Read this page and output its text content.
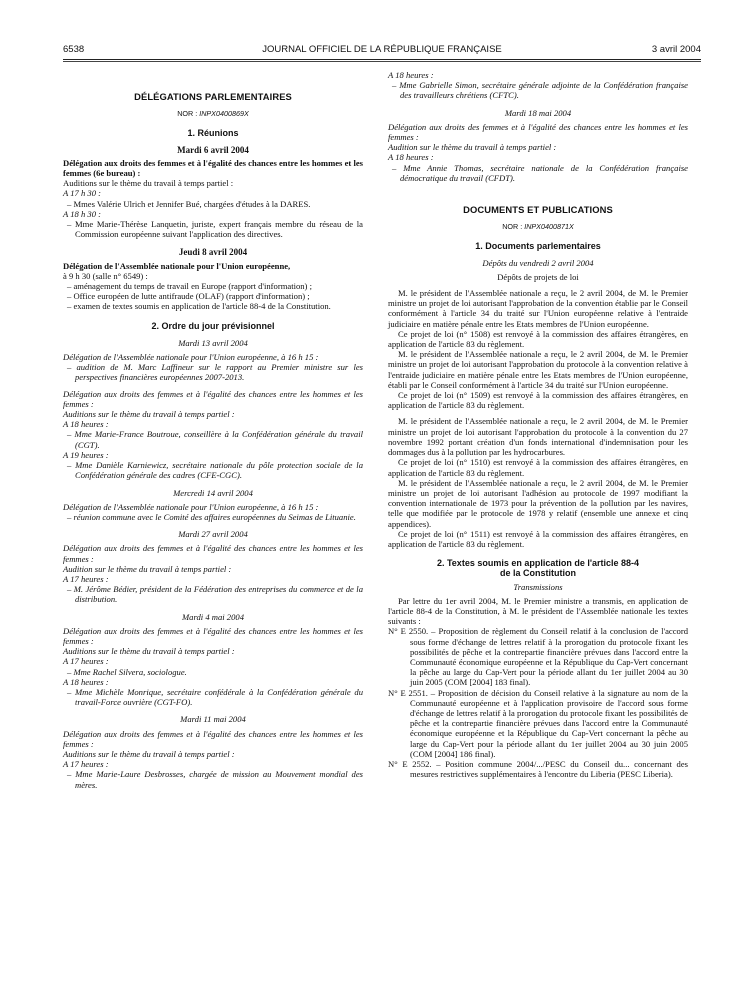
6538	JOURNAL OFFICIEL DE LA RÉPUBLIQUE FRANÇAISE	3 avril 2004
DÉLÉGATIONS PARLEMENTAIRES
NOR : INPX0400869X
1. Réunions
Mardi 6 avril 2004

Délégation aux droits des femmes et à l'égalité des chances entre les hommes et les femmes (6e bureau) :

Auditions sur le thème du travail à temps partiel :

A 17 h 30 :

– Mmes Valérie Ulrich et Jennifer Bué, chargées d'études à la DARES.

A 18 h 30 :

– Mme Marie-Thérèse Lanquetin, juriste, expert français membre du réseau de la Commission européenne suivant l'application des directives.

Jeudi 8 avril 2004

Délégation de l'Assemblée nationale pour l'Union européenne,

à 9 h 30 (salle n° 6549) :

– aménagement du temps de travail en Europe (rapport d'information) ;

– Office européen de lutte antifraude (OLAF) (rapport d'information) ;

– examen de textes soumis en application de l'article 88-4 de la Constitution.

2. Ordre du jour prévisionnel
Mardi 13 avril 2004

Délégation de l'Assemblée nationale pour l'Union européenne, à 16 h 15 :

– audition de M. Marc Laffineur sur le rapport au Premier ministre sur les perspectives financières européennes 2007-2013.

Délégation aux droits des femmes et à l'égalité des chances entre les hommes et les femmes :

Auditions sur le thème du travail à temps partiel :

A 18 heures :

– Mme Marie-France Boutroue, conseillère à la Confédération générale du travail (CGT).

A 19 heures :

– Mme Danièle Karniewicz, secrétaire nationale du pôle protection sociale de la Confédération générale des cadres (CFE-CGC).

Mercredi 14 avril 2004

Délégation de l'Assemblée nationale pour l'Union européenne, à 16 h 15 :

– réunion commune avec le Comité des affaires européennes du Seimas de Lituanie.

Mardi 27 avril 2004

Délégation aux droits des femmes et à l'égalité des chances entre les hommes et les femmes :

Audition sur le thème du travail à temps partiel :

A 17 heures :

– M. Jérôme Bédier, président de la Fédération des entreprises du commerce et de la distribution.

Mardi 4 mai 2004

Délégation aux droits des femmes et à l'égalité des chances entre les hommes et les femmes :

Auditions sur le thème du travail à temps partiel :

A 17 heures :

– Mme Rachel Silvera, sociologue.

A 18 heures :

– Mme Michèle Monrique, secrétaire confédérale à la Confédération générale du travail-Force ouvrière (CGT-FO).

Mardi 11 mai 2004

Délégation aux droits des femmes et à l'égalité des chances entre les hommes et les femmes :

Auditions sur le thème du travail à temps partiel :

A 17 heures :

– Mme Marie-Laure Desbrosses, chargée de mission au Mouvement mondial des mères.

A 18 heures :

– Mme Gabrielle Simon, secrétaire générale adjointe de la Confédération française des travailleurs chrétiens (CFTC).

Mardi 18 mai 2004

Délégation aux droits des femmes et à l'égalité des chances entre les hommes et les femmes :

Audition sur le thème du travail à temps partiel :

A 18 heures :

– Mme Annie Thomas, secrétaire nationale de la Confédération française démocratique du travail (CFDT).

DOCUMENTS ET PUBLICATIONS
NOR : INPX0400871X
1. Documents parlementaires
Dépôts du vendredi 2 avril 2004

Dépôts de projets de loi

M. le président de l'Assemblée nationale a reçu, le 2 avril 2004, de M. le Premier ministre un projet de loi autorisant l'approbation de la convention établie par le Conseil conformément à l'article 34 du traité sur l'Union européenne relative à l'entraide judiciaire en matière pénale entre les Etats membres de l'Union européenne.

Ce projet de loi (n° 1508) est renvoyé à la commission des affaires étrangères, en application de l'article 83 du règlement.

M. le président de l'Assemblée nationale a reçu, le 2 avril 2004, de M. le Premier ministre un projet de loi autorisant l'approbation du protocole à la convention relative à l'entraide judiciaire en matière pénale entre les Etats membres de l'Union européenne, établi par le Conseil conformément à l'article 34 du traité sur l'Union européenne.

Ce projet de loi (n° 1509) est renvoyé à la commission des affaires étrangères, en application de l'article 83 du règlement.

M. le président de l'Assemblée nationale a reçu, le 2 avril 2004, de M. le Premier ministre un projet de loi autorisant l'approbation du protocole à la convention du 27 novembre 1992 portant création d'un fonds international d'indemnisation pour les dommages dus à la pollution par les hydrocarbures.

Ce projet de loi (n° 1510) est renvoyé à la commission des affaires étrangères, en application de l'article 83 du règlement.

M. le président de l'Assemblée nationale a reçu, le 2 avril 2004, de M. le Premier ministre un projet de loi autorisant l'adhésion au protocole de 1997 modifiant la convention internationale de 1973 pour la prévention de la pollution par les navires, telle que modifiée par le protocole de 1978 y relatif (ensemble une annexe et cinq appendices).

Ce projet de loi (n° 1511) est renvoyé à la commission des affaires étrangères, en application de l'article 83 du règlement.

2. Textes soumis en application de l'article 88-4
de la Constitution
Transmissions

Par lettre du 1er avril 2004, M. le Premier ministre a transmis, en application de l'article 88-4 de la Constitution, à M. le président de l'Assemblée nationale les textes suivants :

N° E 2550. – Proposition de règlement du Conseil relatif à la conclusion de l'accord sous forme d'échange de lettres relatif à la prorogation du protocole fixant les possibilités de pêche et la contrepartie financière prévues dans l'accord entre la Communauté économique européenne et la République du Cap-Vert concernant la pêche au large du Cap-Vert pour la période allant du 1er juillet 2004 au 30 juin 2005 (COM [2004] 183 final).

N° E 2551. – Proposition de décision du Conseil relative à la signature au nom de la Communauté européenne et à l'application provisoire de l'accord sous forme d'échange de lettres relatif à la prorogation du protocole fixant les possibilités de pêche et la contrepartie financière prévues dans l'accord entre la Communauté économique européenne et la République du Cap-Vert concernant la pêche au large du Cap-Vert pour la période allant du 1er juillet 2004 au 30 juin 2005 (COM [2004] 186 final).

N° E 2552. – Position commune 2004/.../PESC du Conseil du... concernant des mesures restrictives supplémentaires à l'encontre du Liberia (PESC Liberia).
